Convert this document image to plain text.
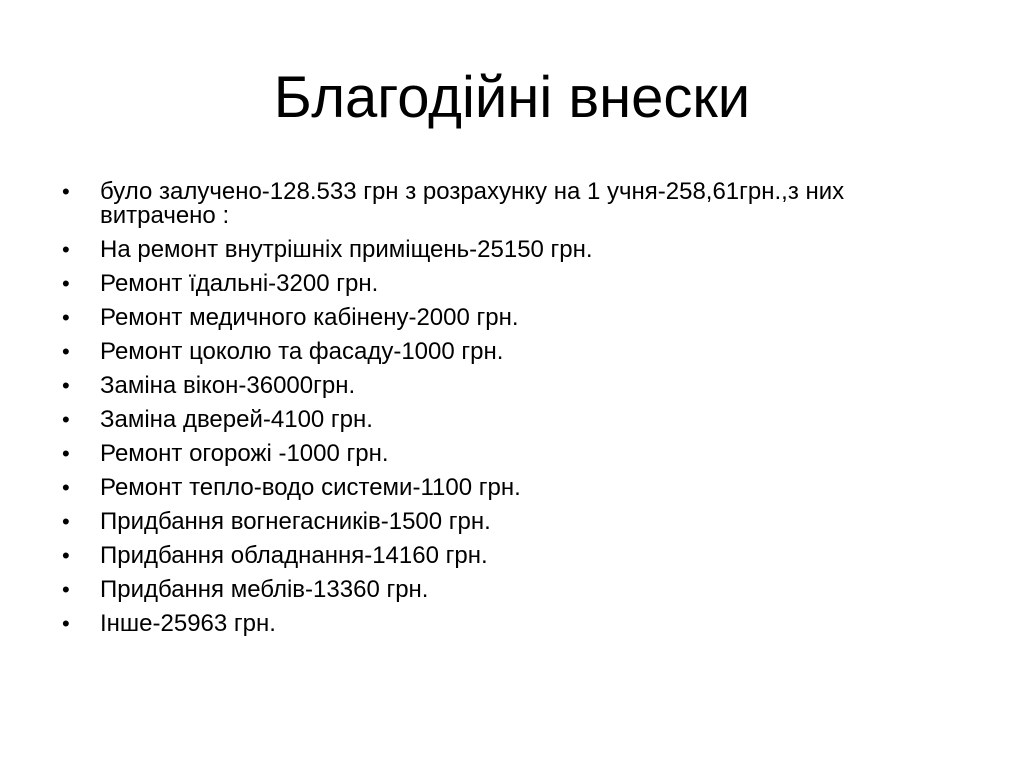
Благодійні внески
•	було залучено-128.533 грн з розрахунку на 1 учня-258,61грн.,з них витрачено :
•	На ремонт внутрішніх приміщень-25150 грн.
•	Ремонт їдальні-3200 грн.
•	Ремонт медичного кабінену-2000 грн.
•	Ремонт цоколю та фасаду-1000 грн.
•	Заміна вікон-36000грн.
•	Заміна дверей-4100 грн.
•	Ремонт огорожі -1000 грн.
•	Ремонт тепло-водо системи-1100 грн.
•	Придбання вогнегасників-1500 грн.
•	Придбання обладнання-14160 грн.
•	Придбання меблів-13360 грн.
•	Інше-25963 грн.
